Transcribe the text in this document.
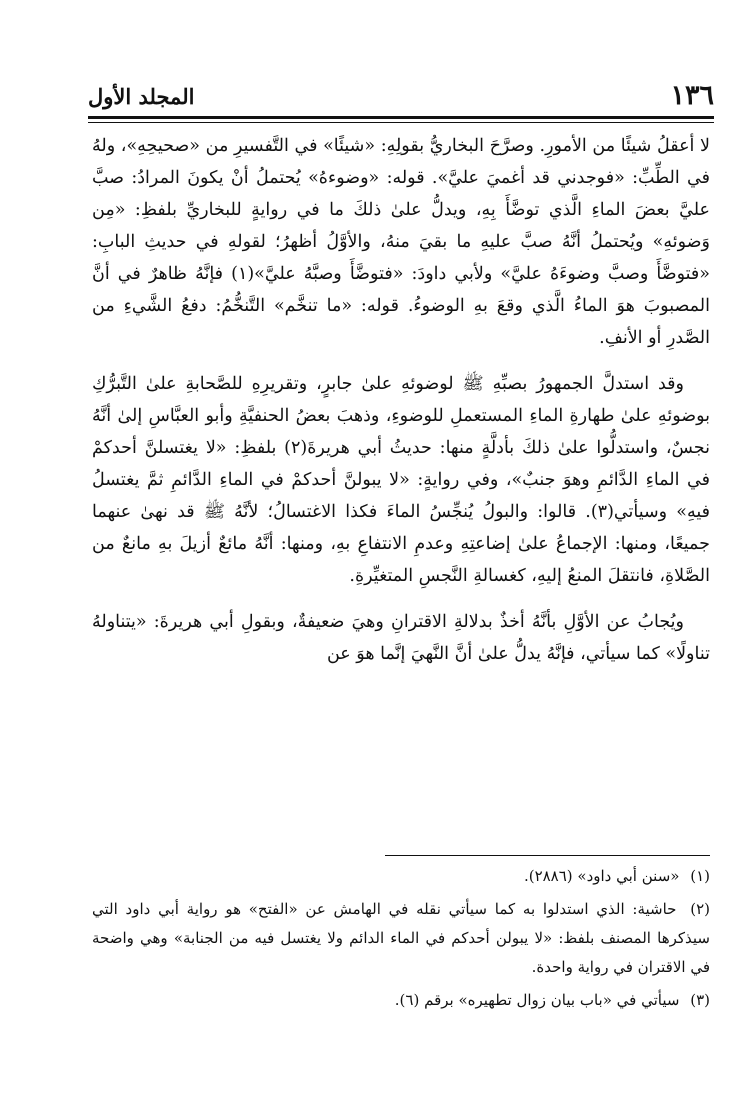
١٣٦
المجلد الأول

لا أعقلُ شيئًا من الأمورِ. وصرَّحَ البخاريُّ بقولِهِ: «شيئًا» في التَّفسيرِ من «صحيحِهِ»، ولهُ في الطِّبِّ: «فوجدني قد أغميَ عليَّ». قوله: «وضوءهُ» يُحتملُ أنْ يكونَ المرادُ: صبَّ عليَّ بعضَ الماءِ الَّذي توضَّأَ بِهِ، ويدلُّ علىٰ ذلكَ ما في روايةٍ للبخاريِّ بلفظِ: «مِن وَضوئهِ» ويُحتملُ أنَّهُ صبَّ عليهِ ما بقيَ منهُ، والأوَّلُ أظهرُ؛ لقولهِ في حديثِ البابِ: «فتوضَّأَ وصبَّ وضوءَهُ عليَّ» ولأبي داودَ: «فتوضَّأَ وصبَّهُ عليَّ»(١) فإنَّهُ ظاهرٌ في أنَّ المصبوبَ هوَ الماءُ الَّذي وقعَ بهِ الوضوءُ. قوله: «ما تنخَّم» التَّنخُّمُ: دفعُ الشَّيءِ من الصَّدرِ أو الأنفِ.

وقد استدلَّ الجمهورُ بصبِّهِ ﷺ لوضوئهِ علىٰ جابرٍ، وتقريرِهِ للصَّحابةِ علىٰ التَّبرُّكِ بوضوئهِ علىٰ طهارةِ الماءِ المستعملِ للوضوءِ، وذهبَ بعضُ الحنفيَّةِ وأبو العبَّاسِ إلىٰ أنَّهُ نجسٌ، واستدلُّوا علىٰ ذلكَ بأدلَّةٍ منها: حديثُ أبي هريرةَ(٢) بلفظِ: «لا يغتسلنَّ أحدكمْ في الماءِ الدَّائمِ وهوَ جنبٌ»، وفي روايةٍ: «لا يبولنَّ أحدكمْ في الماءِ الدَّائمِ ثمَّ يغتسلُ فيهِ» وسيأتي(٣). قالوا: والبولُ يُنجِّسُ الماءَ فكذا الاغتسالُ؛ لأنَّهُ ﷺ قد نهىٰ عنهما جميعًا، ومنها: الإجماعُ علىٰ إضاعتِهِ وعدمِ الانتفاعِ بهِ، ومنها: أنَّهُ مائعٌ أزيلَ بهِ مانعٌ من الصَّلاةِ، فانتقلَ المنعُ إليهِ، كغسالةِ النَّجسِ المتغيِّرةِ.

ويُجابُ عن الأوَّلِ بأنَّهُ أخذٌ بدلالةِ الاقترانِ وهيَ ضعيفةٌ، وبقولِ أبي هريرةَ: «يتناولهُ تناولًا» كما سيأتي، فإنَّهُ يدلُّ علىٰ أنَّ النَّهيَ إنَّما هوَ عن

(١) «سنن أبي داود» (٢٨٨٦).

(٢) حاشية: الذي استدلوا به كما سيأتي نقله في الهامش عن «الفتح» هو رواية أبي داود التي سيذكرها المصنف بلفظ: «لا يبولن أحدكم في الماء الدائم ولا يغتسل فيه من الجنابة» وهي واضحة في الاقتران في رواية واحدة.

(٣) سيأتي في «باب بيان زوال تطهيره» برقم (٦).
